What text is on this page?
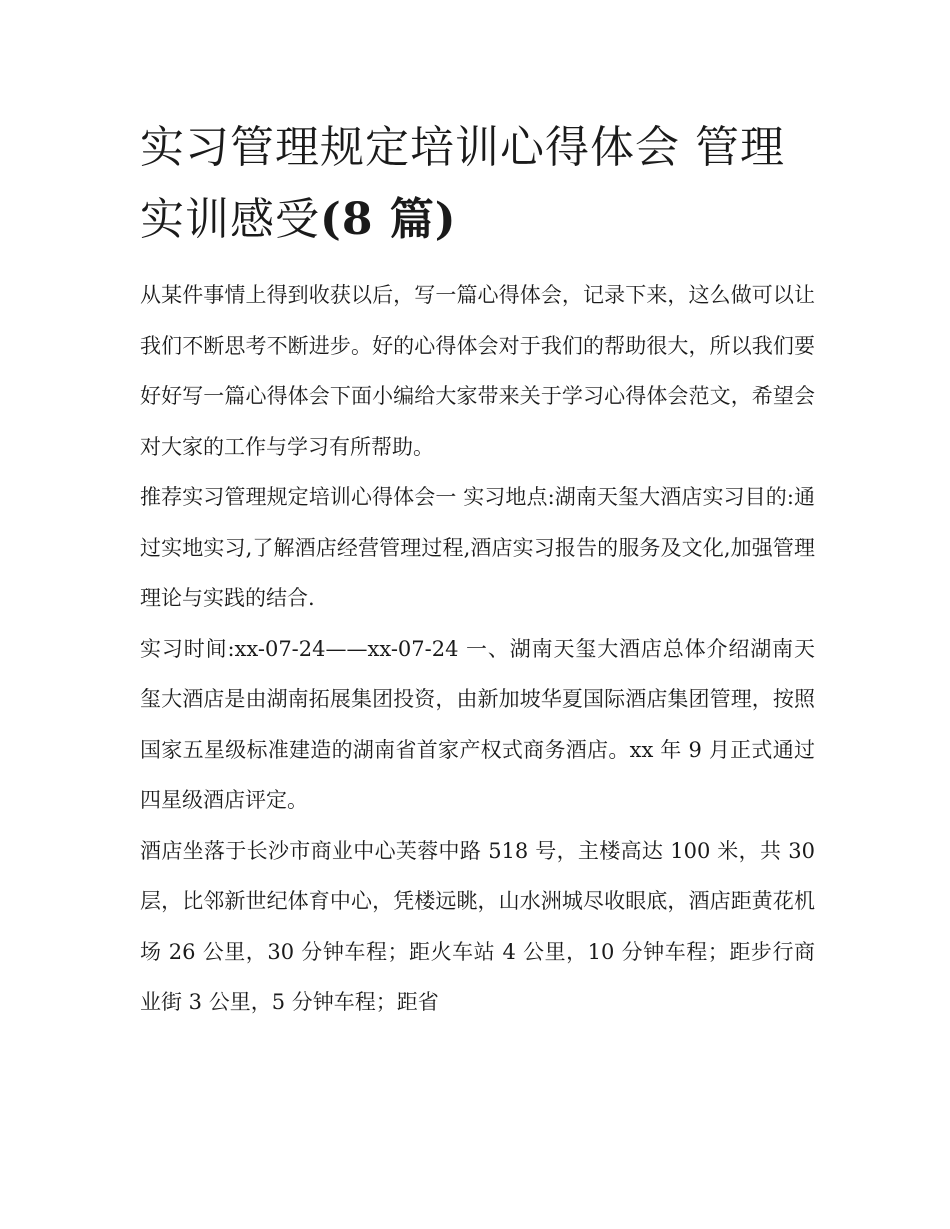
实习管理规定培训心得体会 管理实训感受(8 篇)

从某件事情上得到收获以后，写一篇心得体会，记录下来，这么做可以让我们不断思考不断进步。好的心得体会对于我们的帮助很大，所以我们要好好写一篇心得体会下面小编给大家带来关于学习心得体会范文，希望会对大家的工作与学习有所帮助。

推荐实习管理规定培训心得体会一 实习地点:湖南天玺大酒店实习目的:通过实地实习,了解酒店经营管理过程,酒店实习报告的服务及文化,加强管理理论与实践的结合.

实习时间:xx-07-24——xx-07-24 一、湖南天玺大酒店总体介绍湖南天玺大酒店是由湖南拓展集团投资，由新加坡华夏国际酒店集团管理，按照国家五星级标准建造的湖南省首家产权式商务酒店。xx 年 9 月正式通过四星级酒店评定。

酒店坐落于长沙市商业中心芙蓉中路 518 号，主楼高达 100 米，共 30 层，比邻新世纪体育中心，凭楼远眺，山水洲城尽收眼底，酒店距黄花机场 26 公里，30 分钟车程；距火车站 4 公里，10 分钟车程；距步行商业街 3 公里，5 分钟车程；距省
